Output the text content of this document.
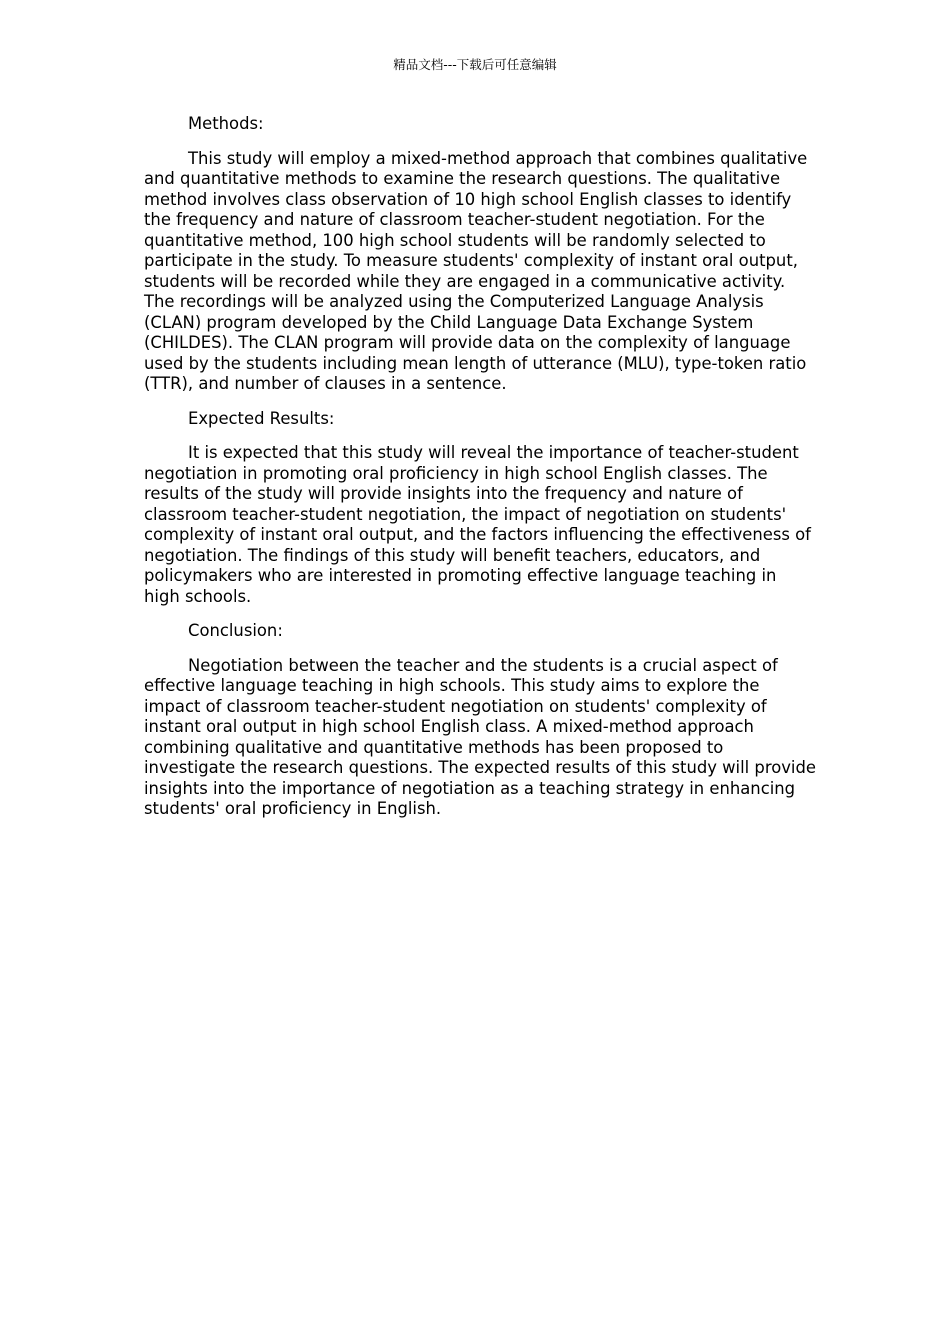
精品文档---下载后可任意编辑

Methods:

This study will employ a mixed-method approach that combines qualitative and quantitative methods to examine the research questions. The qualitative method involves class observation of 10 high school English classes to identify the frequency and nature of classroom teacher-student negotiation. For the quantitative method, 100 high school students will be randomly selected to participate in the study. To measure students' complexity of instant oral output, students will be recorded while they are engaged in a communicative activity. The recordings will be analyzed using the Computerized Language Analysis (CLAN) program developed by the Child Language Data Exchange System (CHILDES). The CLAN program will provide data on the complexity of language used by the students including mean length of utterance (MLU), type-token ratio (TTR), and number of clauses in a sentence.

Expected Results:

It is expected that this study will reveal the importance of teacher-student negotiation in promoting oral proficiency in high school English classes. The results of the study will provide insights into the frequency and nature of classroom teacher-student negotiation, the impact of negotiation on students' complexity of instant oral output, and the factors influencing the effectiveness of negotiation. The findings of this study will benefit teachers, educators, and policymakers who are interested in promoting effective language teaching in high schools.

Conclusion:

Negotiation between the teacher and the students is a crucial aspect of effective language teaching in high schools. This study aims to explore the impact of classroom teacher-student negotiation on students' complexity of instant oral output in high school English class. A mixed-method approach combining qualitative and quantitative methods has been proposed to investigate the research questions. The expected results of this study will provide insights into the importance of negotiation as a teaching strategy in enhancing students' oral proficiency in English.
